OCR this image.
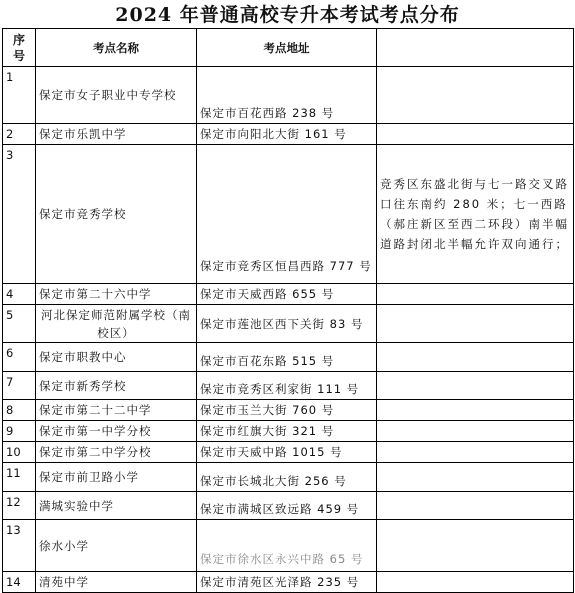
2024 年普通高校专升本考试考点分布
序号	考点名称	考点地址	
1	保定市女子职业中专学校	保定市百花西路 238 号	
2	保定市乐凯中学	保定市向阳北大街 161 号	
3	保定市竞秀学校	保定市竞秀区恒昌西路 777 号	竞秀区东盛北街与七一路交叉路口往东南约 280 米；七一西路（郝庄新区至西二环段）南半幅道路封闭北半幅允许双向通行；
4	保定市第二十六中学	保定市天威西路 655 号	
5	河北保定师范附属学校（南校区）	保定市莲池区西下关街 83 号	
6	保定市职教中心	保定市百花东路 515 号	
7	保定市新秀学校	保定市竞秀区利家街 111 号	
8	保定市第二十二中学	保定市玉兰大街 760 号	
9	保定市第一中学分校	保定市红旗大街 321 号	
10	保定市第二中学分校	保定市天威中路 1015 号	
11	保定市前卫路小学	保定市长城北大街 256 号	
12	满城实验中学	保定市满城区致远路 459 号	
13	徐水小学	保定市徐水区永兴中路 65 号	
14	清苑中学	保定市清苑区光泽路 235 号	
